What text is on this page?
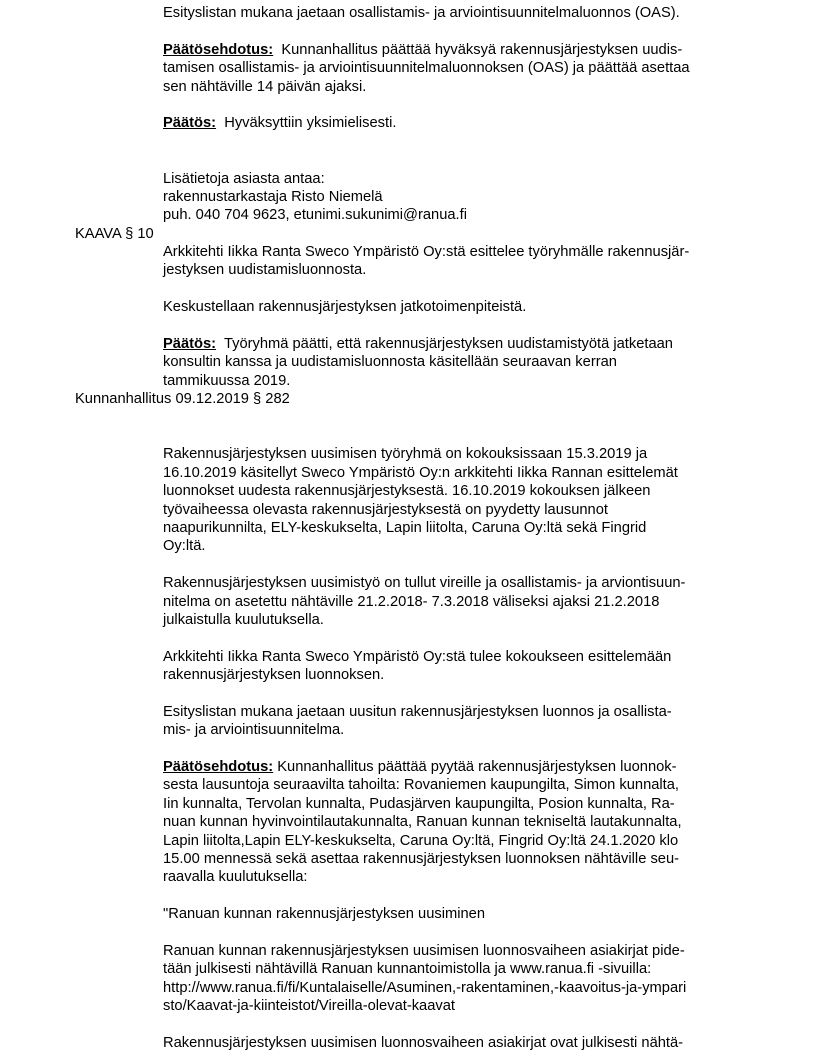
Esityslistan mukana jaetaan osallistamis- ja arviointisuunnitelmaluonnos (OAS).
Päätösehdotus:  Kunnanhallitus päättää hyväksyä rakennusjärjestyksen uudis-
tamisen osallistamis- ja arviointisuunnitelmaluonnoksen (OAS) ja päättää asettaa
sen nähtäville 14 päivän ajaksi.
Päätös:  Hyväksyttiin yksimielisesti.
Lisätietoja asiasta antaa:
rakennustarkastaja Risto Niemelä
puh. 040 704 9623, etunimi.sukunimi@ranua.fi
KAAVA § 10
Arkkitehti Iikka Ranta Sweco Ympäristö Oy:stä esittelee työryhmälle rakennusjär-
jestyksen uudistamisluonnosta.
Keskustellaan rakennusjärjestyksen jatkotoimenpiteistä.
Päätös:  Työryhmä päätti, että rakennusjärjestyksen uudistamistyötä jatketaan
konsultin kanssa ja uudistamisluonnosta käsitellään seuraavan kerran
tammikuussa 2019.
Kunnanhallitus 09.12.2019 § 282
Rakennusjärjestyksen uusimisen työryhmä on kokouksissaan 15.3.2019 ja
16.10.2019 käsitellyt Sweco Ympäristö Oy:n arkkitehti Iikka Rannan esittelemät
luonnokset uudesta rakennusjärjestyksestä. 16.10.2019 kokouksen jälkeen
työvaiheessa olevasta rakennusjärjestyksestä on pyydetty lausunnot
naapurikunnilta, ELY-keskukselta, Lapin liitolta, Caruna Oy:ltä sekä Fingrid
Oy:ltä.
Rakennusjärjestyksen uusimistyö on tullut vireille ja osallistamis- ja arviontisuun-
nitelma on asetettu nähtäville 21.2.2018- 7.3.2018 väliseksi ajaksi 21.2.2018
julkaistulla kuulutuksella.
Arkkitehti Iikka Ranta Sweco Ympäristö Oy:stä tulee kokoukseen esittelemään
rakennusjärjestyksen luonnoksen.
Esityslistan mukana jaetaan uusitun rakennusjärjestyksen luonnos ja osallista-
mis- ja arviointisuunnitelma.
Päätösehdotus: Kunnanhallitus päättää pyytää rakennusjärjestyksen luonnok-
sesta lausuntoja seuraavilta tahoilta: Rovaniemen kaupungilta, Simon kunnalta,
Iin kunnalta, Tervolan kunnalta, Pudasjärven kaupungilta, Posion kunnalta, Ra-
nuan kunnan hyvinvointilautakunnalta, Ranuan kunnan tekniseltä lautakunnalta,
Lapin liitolta,Lapin ELY-keskukselta, Caruna Oy:ltä, Fingrid Oy:ltä 24.1.2020 klo
15.00 mennessä sekä asettaa rakennusjärjestyksen luonnoksen nähtäville seu-
raavalla kuulutuksella:
"Ranuan kunnan rakennusjärjestyksen uusiminen
Ranuan kunnan rakennusjärjestyksen uusimisen luonnosvaiheen asiakirjat pide-
tään julkisesti nähtävillä Ranuan kunnantoimistolla ja www.ranua.fi -sivuilla:
http://www.ranua.fi/fi/Kuntalaiselle/Asuminen,-rakentaminen,-kaavoitus-ja-ympari
sto/Kaavat-ja-kiinteistot/Vireilla-olevat-kaavat
Rakennusjärjestyksen uusimisen luonnosvaiheen asiakirjat ovat julkisesti nähtä-
